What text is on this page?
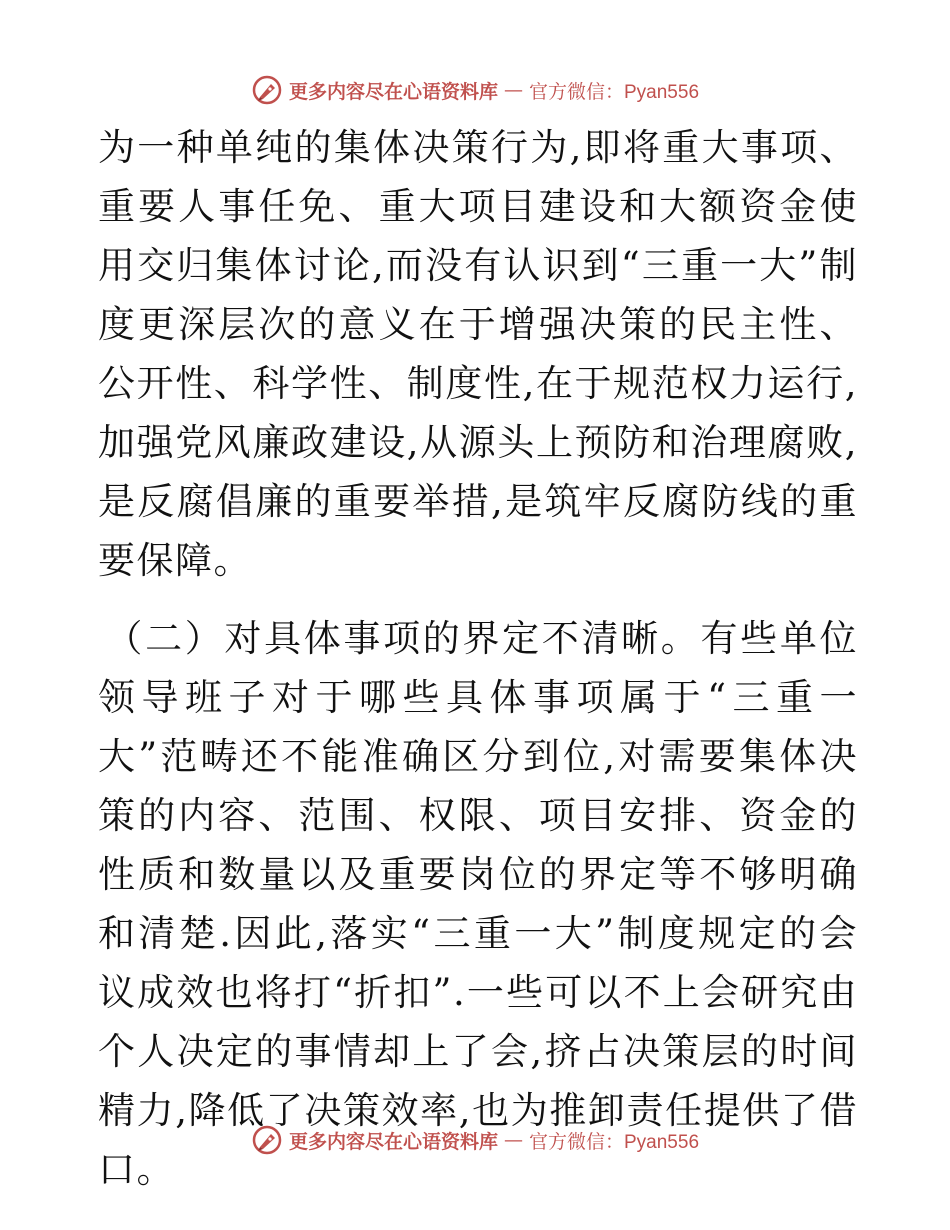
更多内容尽在心语资料库 — 官方微信：Pyan556

为一种单纯的集体决策行为,即将重大事项、重要人事任免、重大项目建设和大额资金使用交归集体讨论,而没有认识到“三重一大”制度更深层次的意义在于增强决策的民主性、公开性、科学性、制度性,在于规范权力运行,加强党风廉政建设,从源头上预防和治理腐败,是反腐倡廉的重要举措,是筑牢反腐防线的重要保障。

（二）对具体事项的界定不清晰。有些单位领导班子对于哪些具体事项属于“三重一大”范畴还不能准确区分到位,对需要集体决策的内容、范围、权限、项目安排、资金的性质和数量以及重要岗位的界定等不够明确和清楚.因此,落实“三重一大”制度规定的会议成效也将打“折扣”.一些可以不上会研究由个人决定的事情却上了会,挤占决策层的时间精力,降低了决策效率,也为推卸责任提供了借口。

更多内容尽在心语资料库 — 官方微信：Pyan556
